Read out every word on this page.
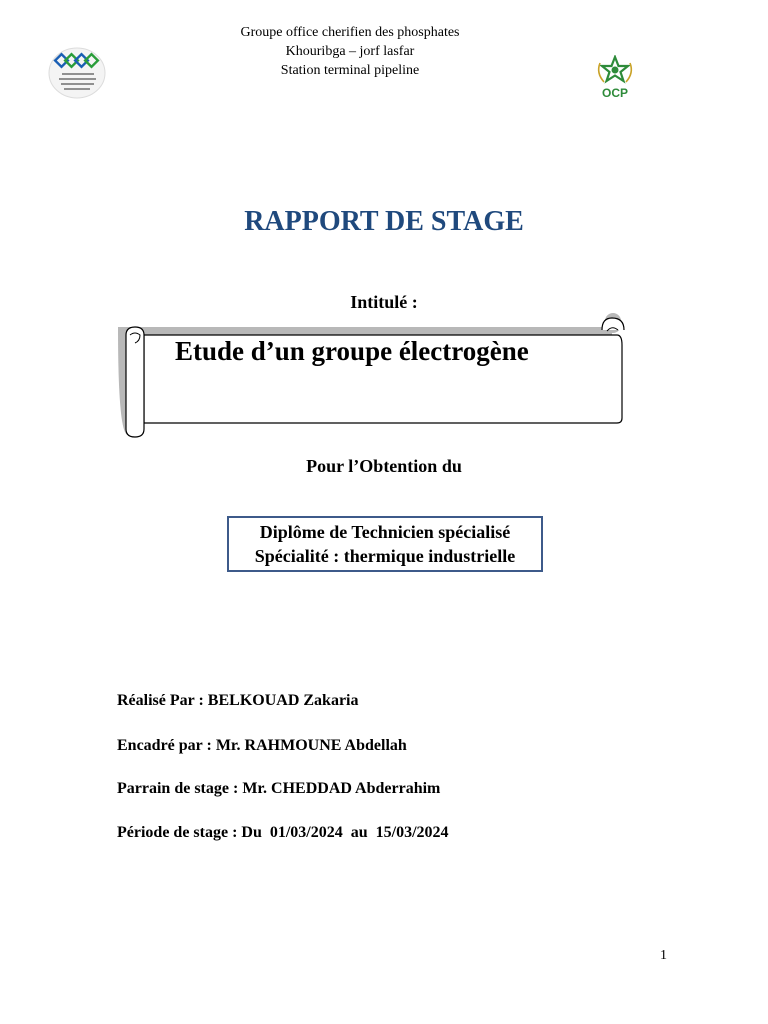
Groupe office cherifien des phosphates
Khouribga – jorf lasfar
Station terminal pipeline
OCP
RAPPORT DE STAGE
Intitulé :
Etude d’un groupe électrogène
Pour l’Obtention du
Diplôme de Technicien spécialisé
Spécialité : thermique industrielle
Réalisé Par : BELKOUAD Zakaria
Encadré par : Mr. RAHMOUNE Abdellah
Parrain de stage : Mr. CHEDDAD Abderrahim
Période de stage : Du  01/03/2024  au  15/03/2024
1
